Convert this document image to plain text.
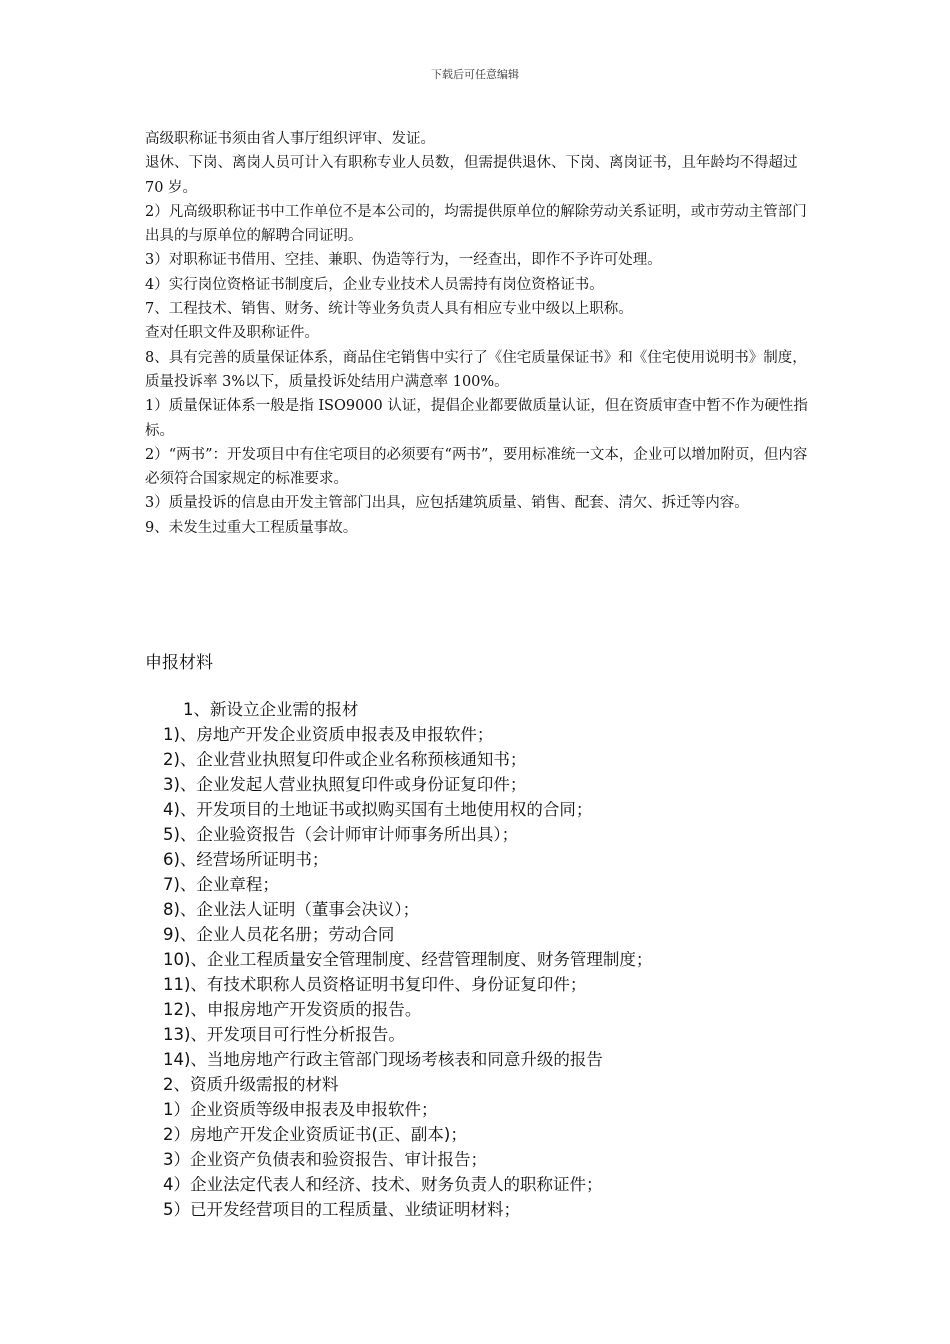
下载后可任意编辑

高级职称证书须由省人事厅组织评审、发证。

退休、下岗、离岗人员可计入有职称专业人员数，但需提供退休、下岗、离岗证书，且年龄均不得超过 70 岁。

2）凡高级职称证书中工作单位不是本公司的，均需提供原单位的解除劳动关系证明，或市劳动主管部门出具的与原单位的解聘合同证明。

3）对职称证书借用、空挂、兼职、伪造等行为，一经查出，即作不予许可处理。

4）实行岗位资格证书制度后，企业专业技术人员需持有岗位资格证书。

7、工程技术、销售、财务、统计等业务负责人具有相应专业中级以上职称。

查对任职文件及职称证件。

8、具有完善的质量保证体系，商品住宅销售中实行了《住宅质量保证书》和《住宅使用说明书》制度，质量投诉率 3%以下，质量投诉处结用户满意率 100%。

1）质量保证体系一般是指 ISO9000 认证，提倡企业都要做质量认证，但在资质审查中暂不作为硬性指标。

2）“两书”：开发项目中有住宅项目的必须要有“两书”，要用标准统一文本，企业可以增加附页，但内容必须符合国家规定的标准要求。

3）质量投诉的信息由开发主管部门出具，应包括建筑质量、销售、配套、清欠、拆迁等内容。

9、未发生过重大工程质量事故。

申报材料

1、新设立企业需的报材

1)、房地产开发企业资质申报表及申报软件；

2)、企业营业执照复印件或企业名称预核通知书；

3)、企业发起人营业执照复印件或身份证复印件；

4)、开发项目的土地证书或拟购买国有土地使用权的合同；

5)、企业验资报告（会计师审计师事务所出具）；

6)、经营场所证明书；

7)、企业章程；

8)、企业法人证明（董事会决议）；

9)、企业人员花名册；劳动合同

10)、企业工程质量安全管理制度、经营管理制度、财务管理制度；

11)、有技术职称人员资格证明书复印件、身份证复印件；

12)、申报房地产开发资质的报告。

13)、开发项目可行性分析报告。

14)、当地房地产行政主管部门现场考核表和同意升级的报告

2、资质升级需报的材料

1）企业资质等级申报表及申报软件；

2）房地产开发企业资质证书(正、副本)；

3）企业资产负债表和验资报告、审计报告；

4）企业法定代表人和经济、技术、财务负责人的职称证件；

5）已开发经营项目的工程质量、业绩证明材料；
